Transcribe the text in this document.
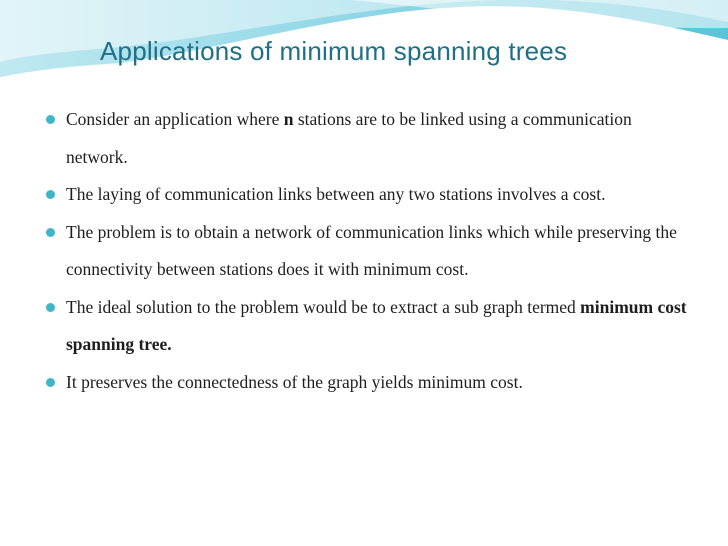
Applications of minimum spanning trees
Consider an application where n stations are to be linked using a communication network.
The laying of communication links between any two stations involves a cost.
The problem is to obtain a network of communication links which while preserving the connectivity between stations does it with minimum cost.
The ideal solution to the problem would be to extract a sub graph termed minimum cost spanning tree.
It preserves the connectedness of the graph yields minimum cost.
